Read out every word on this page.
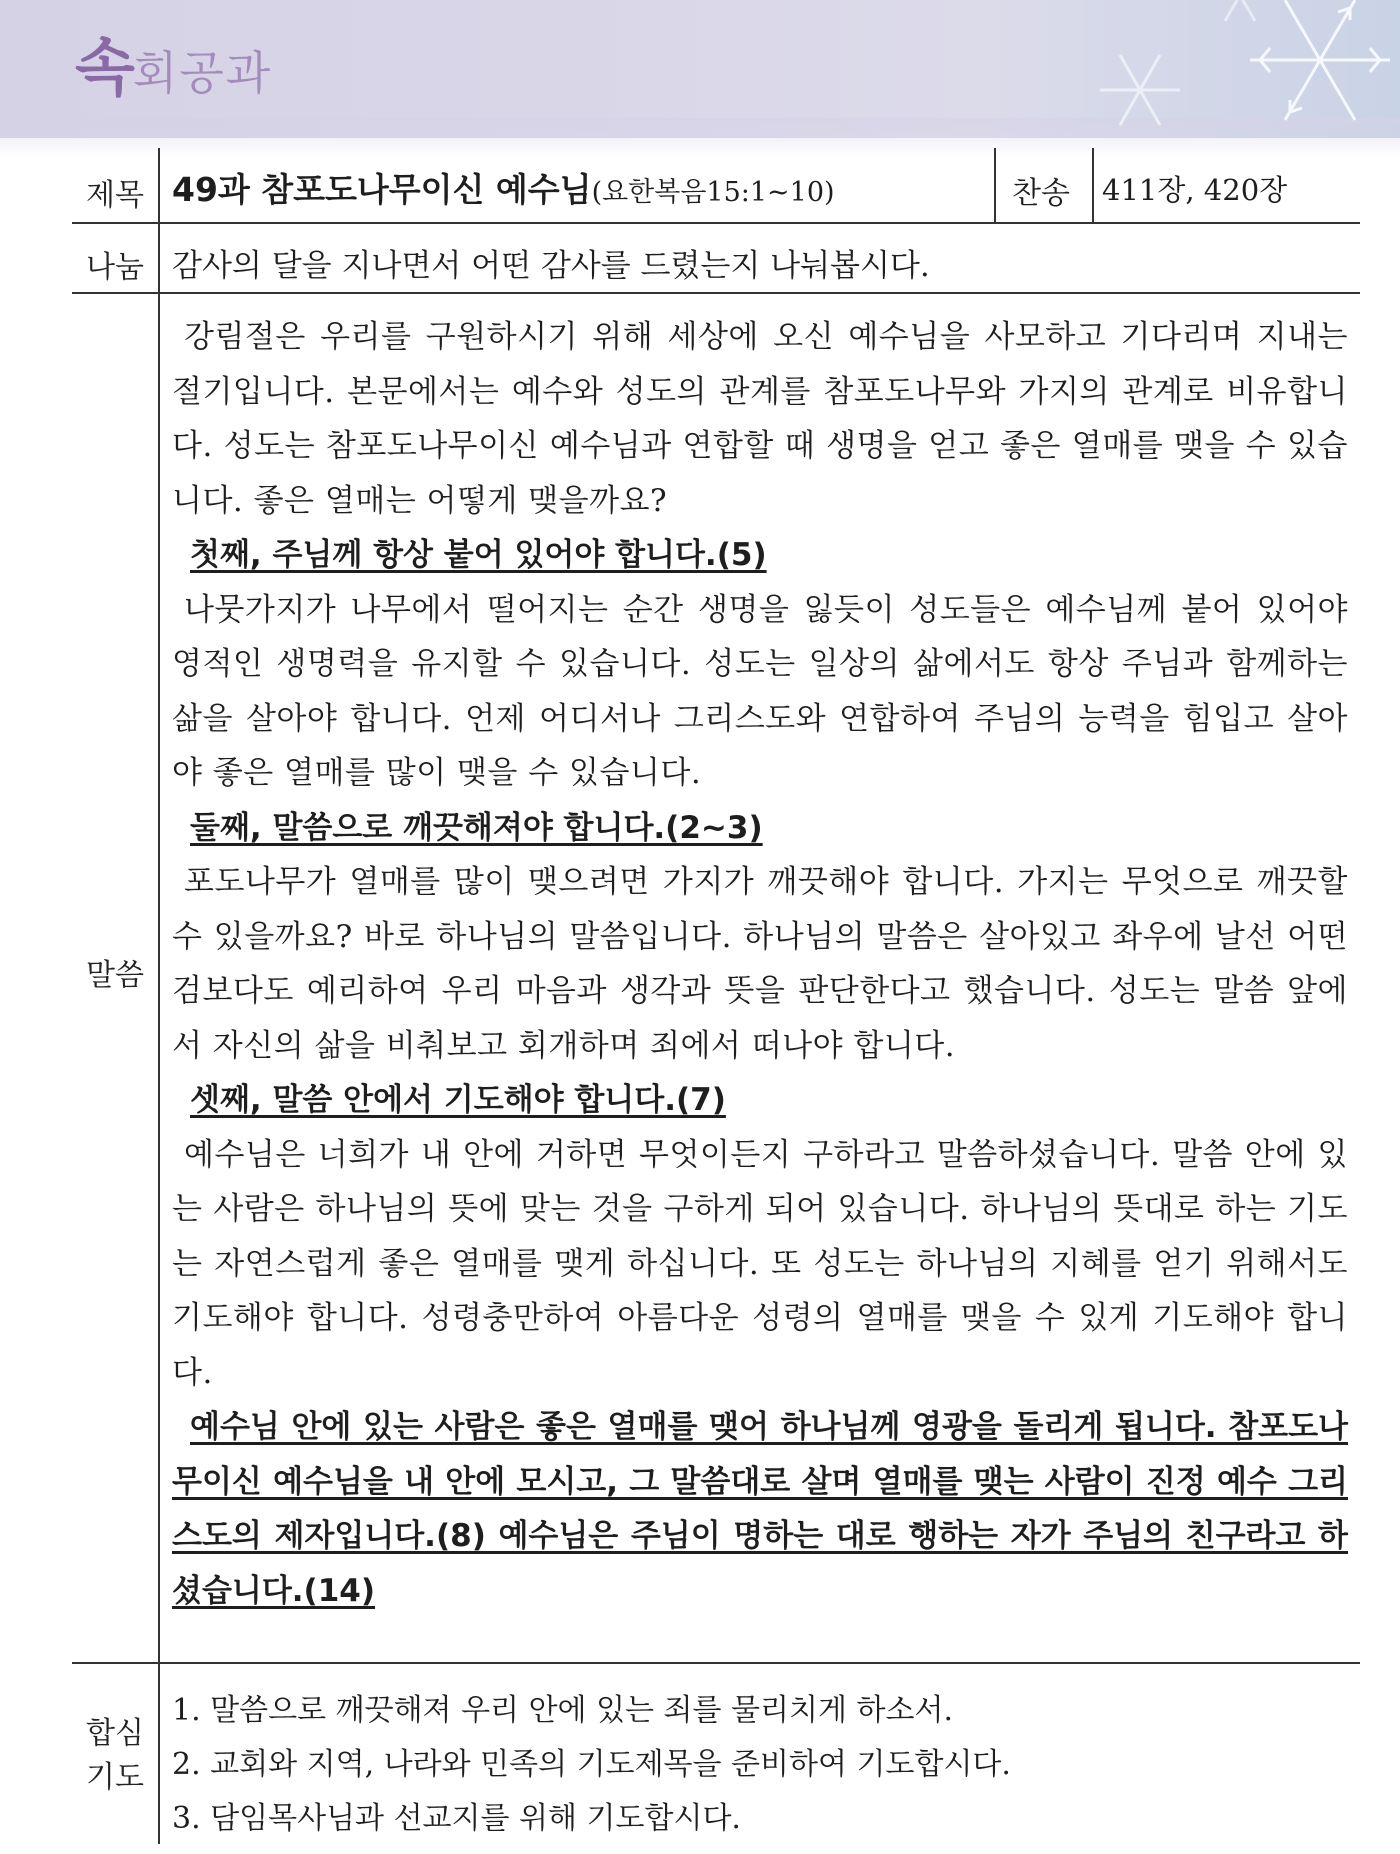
속 회공과
제목 49과 참포도나무이신 예수님(요한복음15:1~10)	찬송 411장, 420장
나눔 감사의 달을 지나면서 어떤 감사를 드렸는지 나눠봅시다.
말씀

강림절은 우리를 구원하시기 위해 세상에 오신 예수님을 사모하고 기다리며 지내는 절기입니다. 본문에서는 예수와 성도의 관계를 참포도나무와 가지의 관계로 비유합니다. 성도는 참포도나무이신 예수님과 연합할 때 생명을 얻고 좋은 열매를 맺을 수 있습니다. 좋은 열매는 어떻게 맺을까요?

첫째, 주님께 항상 붙어 있어야 합니다.(5)

나뭇가지가 나무에서 떨어지는 순간 생명을 잃듯이 성도들은 예수님께 붙어 있어야 영적인 생명력을 유지할 수 있습니다. 성도는 일상의 삶에서도 항상 주님과 함께하는 삶을 살아야 합니다. 언제 어디서나 그리스도와 연합하여 주님의 능력을 힘입고 살아야 좋은 열매를 많이 맺을 수 있습니다.

둘째, 말씀으로 깨끗해져야 합니다.(2~3)

포도나무가 열매를 많이 맺으려면 가지가 깨끗해야 합니다. 가지는 무엇으로 깨끗할 수 있을까요? 바로 하나님의 말씀입니다. 하나님의 말씀은 살아있고 좌우에 날선 어떤 검보다도 예리하여 우리 마음과 생각과 뜻을 판단한다고 했습니다. 성도는 말씀 앞에서 자신의 삶을 비춰보고 회개하며 죄에서 떠나야 합니다.

셋째, 말씀 안에서 기도해야 합니다.(7)

예수님은 너희가 내 안에 거하면 무엇이든지 구하라고 말씀하셨습니다. 말씀 안에 있는 사람은 하나님의 뜻에 맞는 것을 구하게 되어 있습니다. 하나님의 뜻대로 하는 기도는 자연스럽게 좋은 열매를 맺게 하십니다. 또 성도는 하나님의 지혜를 얻기 위해서도 기도해야 합니다. 성령충만하여 아름다운 성령의 열매를 맺을 수 있게 기도해야 합니다.

예수님 안에 있는 사람은 좋은 열매를 맺어 하나님께 영광을 돌리게 됩니다. 참포도나무이신 예수님을 내 안에 모시고, 그 말씀대로 살며 열매를 맺는 사람이 진정 예수 그리스도의 제자입니다.(8) 예수님은 주님이 명하는 대로 행하는 자가 주님의 친구라고 하셨습니다.(14)

합심
기도
1. 말씀으로 깨끗해져 우리 안에 있는 죄를 물리치게 하소서.
2. 교회와 지역, 나라와 민족의 기도제목을 준비하여 기도합시다.
3. 담임목사님과 선교지를 위해 기도합시다.
